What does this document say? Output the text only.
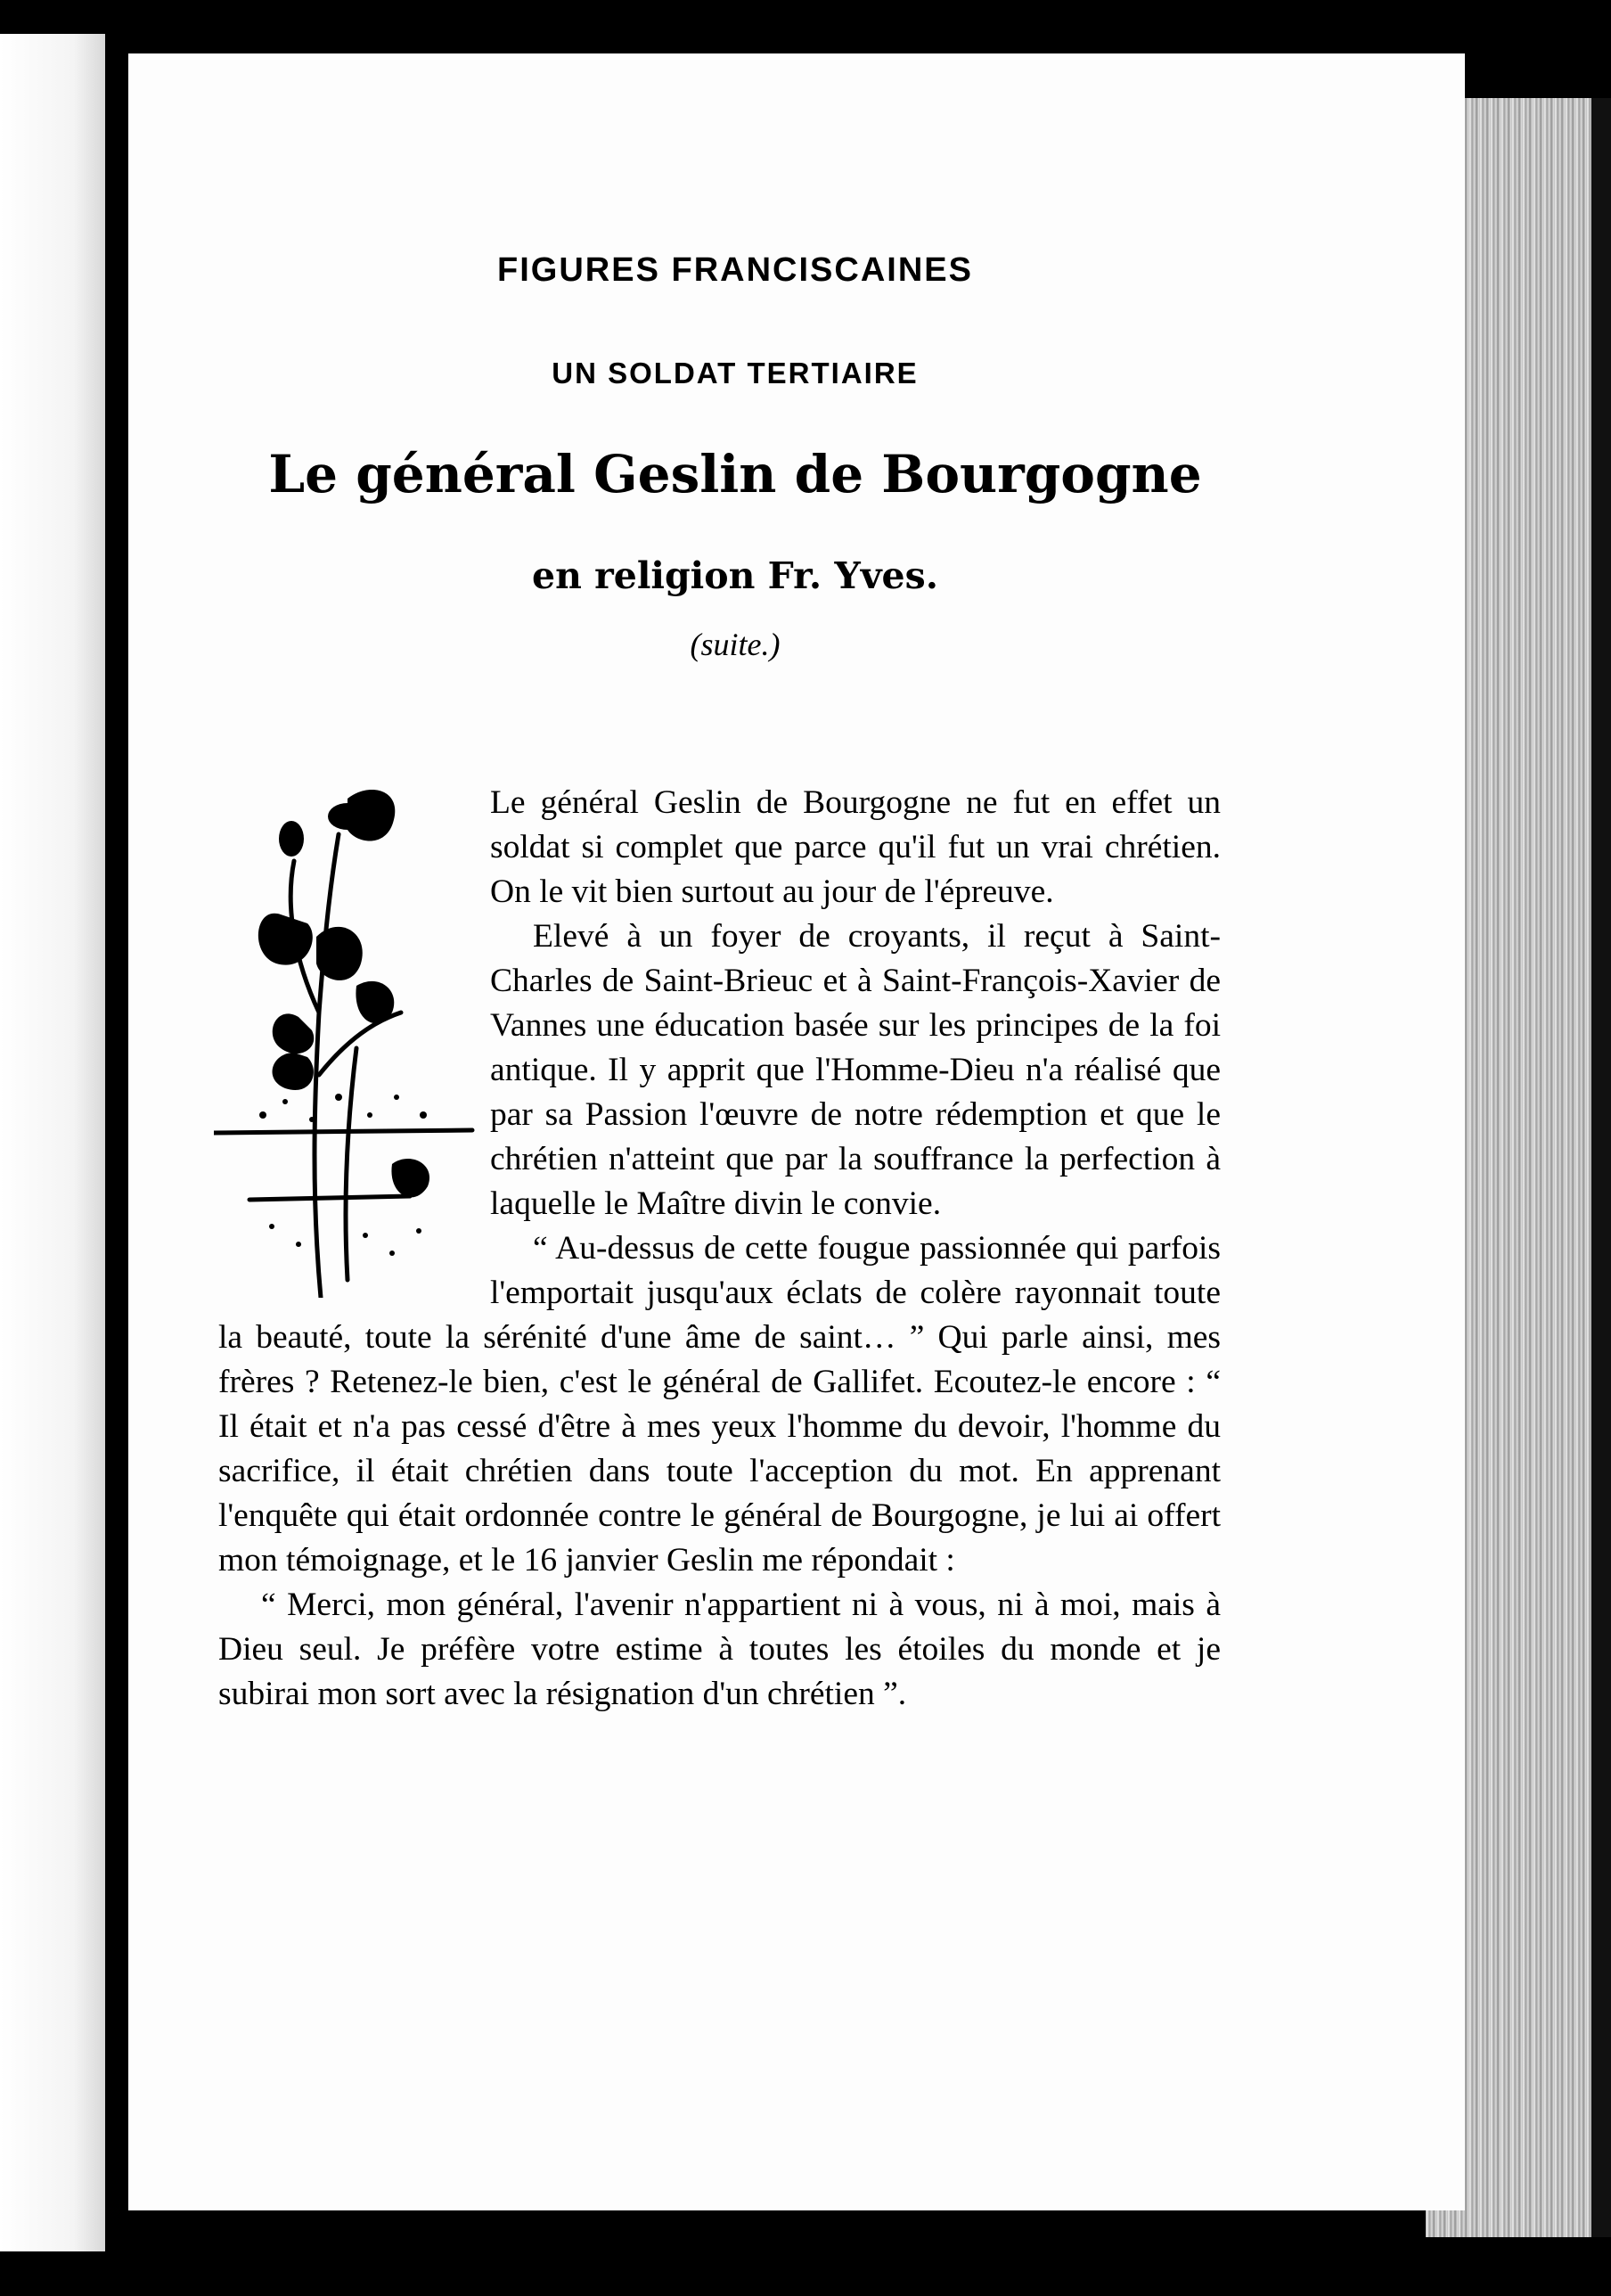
FIGURES FRANCISCAINES
UN SOLDAT TERTIAIRE
Le général Geslin de Bourgogne
en religion Fr. Yves.
(suite.)

Le général Geslin de Bourgogne ne fut en effet un soldat si complet que parce qu'il fut un vrai chrétien. On le vit bien surtout au jour de l'épreuve.

Elevé à un foyer de croyants, il reçut à Saint-Charles de Saint-Brieuc et à Saint-François-Xavier de Vannes une éducation basée sur les principes de la foi antique. Il y apprit que l'Homme-Dieu n'a réalisé que par sa Passion l'œuvre de notre rédemption et que le chrétien n'atteint que par la souffrance la perfection à laquelle le Maître divin le convie.

“ Au-dessus de cette fougue passionnée qui parfois l'emportait jusqu'aux éclats de colère rayonnait toute la beauté, toute la sérénité d'une âme de saint… ” Qui parle ainsi, mes frères ? Retenez-le bien, c'est le général de Gallifet. Ecoutez-le encore : “ Il était et n'a pas cessé d'être à mes yeux l'homme du devoir, l'homme du sacrifice, il était chrétien dans toute l'acception du mot. En apprenant l'enquête qui était ordonnée contre le général de Bourgogne, je lui ai offert mon témoignage, et le 16 janvier Geslin me répondait :

“ Merci, mon général, l'avenir n'appartient ni à vous, ni à moi, mais à Dieu seul. Je préfère votre estime à toutes les étoiles du monde et je subirai mon sort avec la résignation d'un chrétien ”.
